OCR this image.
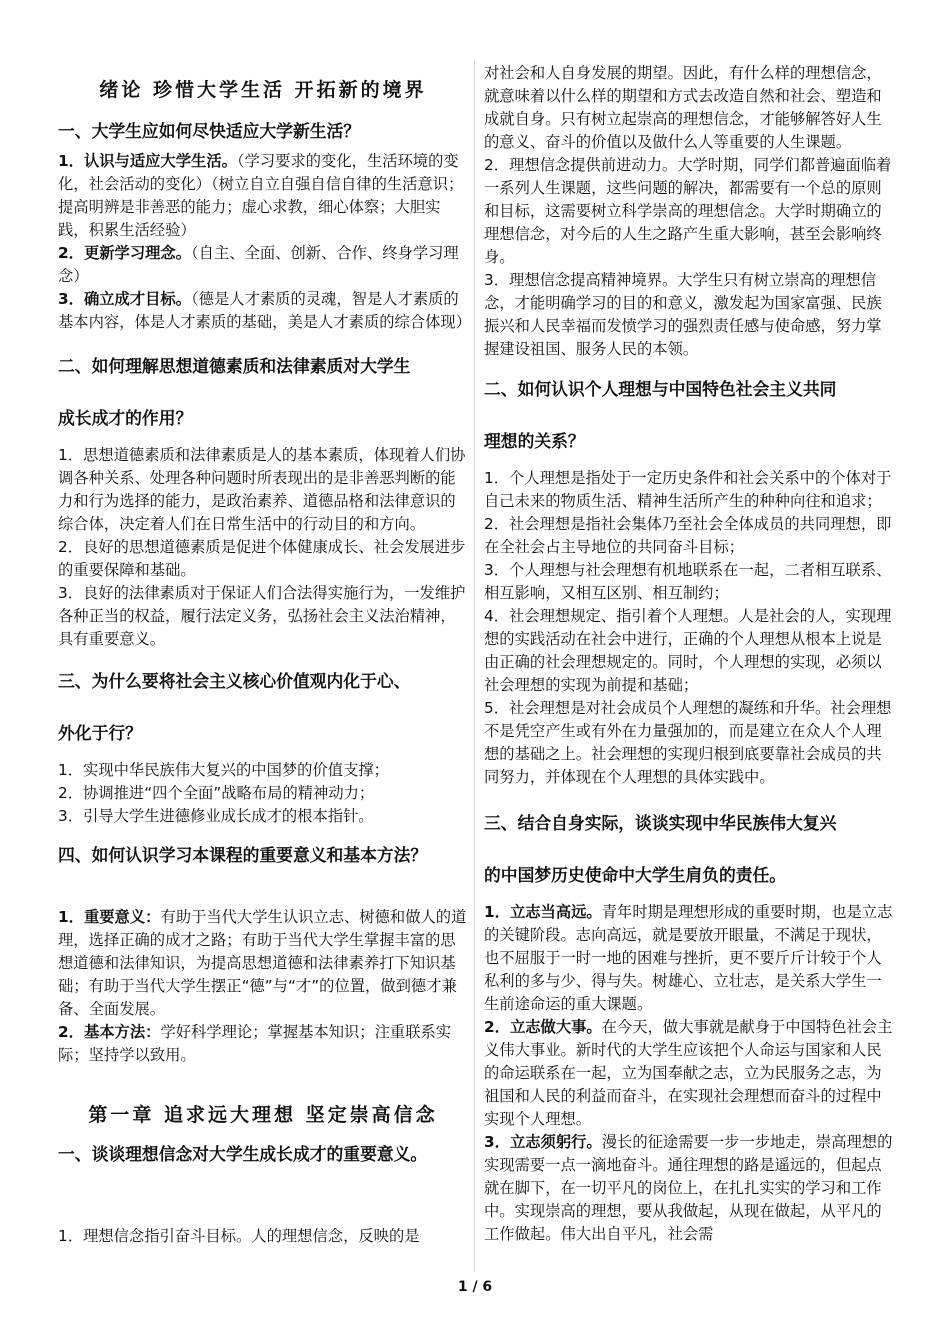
绪论 珍惜大学生活 开拓新的境界
一、大学生应如何尽快适应大学新生活？

1．认识与适应大学生活。（学习要求的变化，生活环境的变化，社会活动的变化）（树立自立自强自信自律的生活意识；提高明辨是非善恶的能力；虚心求教，细心体察；大胆实践，积累生活经验）

2．更新学习理念。（自主、全面、创新、合作、终身学习理念）

3．确立成才目标。（德是人才素质的灵魂，智是人才素质的基本内容，体是人才素质的基础，美是人才素质的综合体现）

二、如何理解思想道德素质和法律素质对大学生
成长成才的作用？

1．思想道德素质和法律素质是人的基本素质，体现着人们协调各种关系、处理各种问题时所表现出的是非善恶判断的能力和行为选择的能力，是政治素养、道德品格和法律意识的综合体，决定着人们在日常生活中的行动目的和方向。

2．良好的思想道德素质是促进个体健康成长、社会发展进步的重要保障和基础。

3．良好的法律素质对于保证人们合法得实施行为，一发维护各种正当的权益，履行法定义务，弘扬社会主义法治精神，具有重要意义。

三、为什么要将社会主义核心价值观内化于心、
外化于行？

1．实现中华民族伟大复兴的中国梦的价值支撑；

2．协调推进“四个全面”战略布局的精神动力；

3．引导大学生进德修业成长成才的根本指针。

四、如何认识学习本课程的重要意义和基本方法？

1．重要意义：有助于当代大学生认识立志、树德和做人的道理，选择正确的成才之路；有助于当代大学生掌握丰富的思想道德和法律知识，为提高思想道德和法律素养打下知识基础；有助于当代大学生摆正“德”与“才”的位置，做到德才兼备、全面发展。

2．基本方法：学好科学理论；掌握基本知识；注重联系实际；坚持学以致用。

第一章 追求远大理想 坚定崇高信念
一、谈谈理想信念对大学生成长成才的重要意义。

1．理想信念指引奋斗目标。人的理想信念，反映的是

对社会和人自身发展的期望。因此，有什么样的理想信念，就意味着以什么样的期望和方式去改造自然和社会、塑造和成就自身。只有树立起崇高的理想信念，才能够解答好人生的意义、奋斗的价值以及做什么人等重要的人生课题。

2．理想信念提供前进动力。大学时期，同学们都普遍面临着一系列人生课题，这些问题的解决，都需要有一个总的原则和目标，这需要树立科学崇高的理想信念。大学时期确立的理想信念，对今后的人生之路产生重大影响，甚至会影响终身。

3．理想信念提高精神境界。大学生只有树立崇高的理想信念，才能明确学习的目的和意义，激发起为国家富强、民族振兴和人民幸福而发愤学习的强烈责任感与使命感，努力掌握建设祖国、服务人民的本领。

二、如何认识个人理想与中国特色社会主义共同
理想的关系？

1．个人理想是指处于一定历史条件和社会关系中的个体对于自己未来的物质生活、精神生活所产生的种种向往和追求；

2．社会理想是指社会集体乃至社会全体成员的共同理想，即在全社会占主导地位的共同奋斗目标；

3．个人理想与社会理想有机地联系在一起，二者相互联系、相互影响，又相互区别、相互制约；

4．社会理想规定、指引着个人理想。人是社会的人，实现理想的实践活动在社会中进行，正确的个人理想从根本上说是由正确的社会理想规定的。同时，个人理想的实现，必须以社会理想的实现为前提和基础；

5．社会理想是对社会成员个人理想的凝练和升华。社会理想不是凭空产生或有外在力量强加的，而是建立在众人个人理想的基础之上。社会理想的实现归根到底要靠社会成员的共同努力，并体现在个人理想的具体实践中。

三、结合自身实际，谈谈实现中华民族伟大复兴
的中国梦历史使命中大学生肩负的责任。

1．立志当高远。青年时期是理想形成的重要时期，也是立志的关键阶段。志向高远，就是要放开眼量，不满足于现状，也不屈服于一时一地的困难与挫折，更不要斤斤计较于个人私利的多与少、得与失。树雄心、立壮志，是关系大学生一生前途命运的重大课题。

2．立志做大事。在今天，做大事就是献身于中国特色社会主义伟大事业。新时代的大学生应该把个人命运与国家和人民的命运联系在一起，立为国奉献之志，立为民服务之志，为祖国和人民的利益而奋斗，在实现社会理想而奋斗的过程中实现个人理想。

3．立志须躬行。漫长的征途需要一步一步地走，崇高理想的实现需要一点一滴地奋斗。通往理想的路是遥远的，但起点就在脚下，在一切平凡的岗位上，在扎扎实实的学习和工作中。实现崇高的理想，要从我做起，从现在做起，从平凡的工作做起。伟大出自平凡，社会需

1 / 6
